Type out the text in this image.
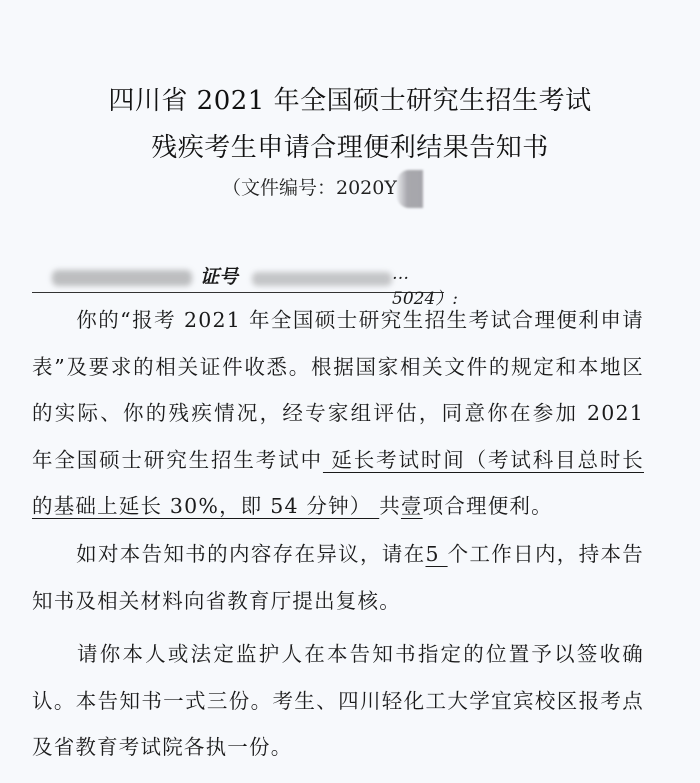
四川省 2021 年全国硕士研究生招生考试
残疾考生申请合理便利结果告知书
（文件编号：2020Y
证号	…5024）:
你的“报考 2021 年全国硕士研究生招生考试合理便利申请表”及要求的相关证件收悉。根据国家相关文件的规定和本地区的实际、你的残疾情况，经专家组评估，同意你在参加 2021 年全国硕士研究生招生考试中 延长考试时间（考试科目总时长的基础上延长 30%，即 54 分钟） 共壹项合理便利。
如对本告知书的内容存在异议，请在5 个工作日内，持本告知书及相关材料向省教育厅提出复核。
请你本人或法定监护人在本告知书指定的位置予以签收确认。本告知书一式三份。考生、四川轻化工大学宜宾校区报考点及省教育考试院各执一份。
